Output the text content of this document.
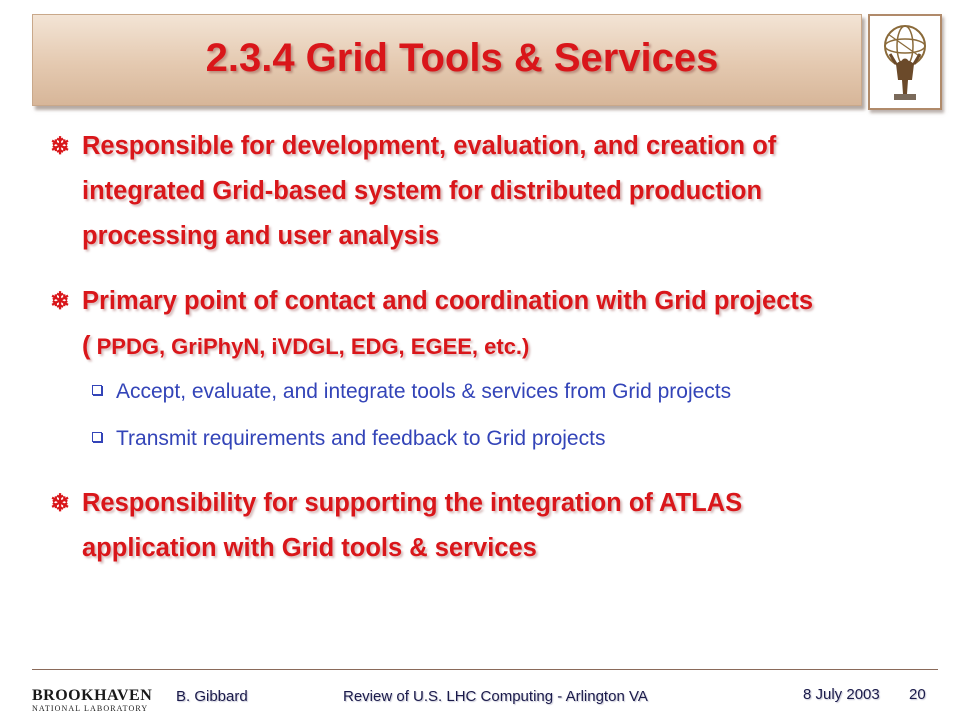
2.3.4 Grid Tools & Services
❄ Responsible for development, evaluation, and creation of
integrated Grid-based system for distributed production
processing and user analysis
❄ Primary point of contact and coordination with Grid projects
( PPDG, GriPhyN, iVDGL, EDG, EGEE, etc.)
Accept, evaluate, and integrate tools & services from Grid projects
Transmit requirements and feedback to Grid projects
❄ Responsibility for supporting the integration of ATLAS
application with Grid tools & services
BROOKHAVEN
NATIONAL LABORATORY
B. Gibbard	Review of U.S. LHC Computing - Arlington VA	8 July 2003 20
